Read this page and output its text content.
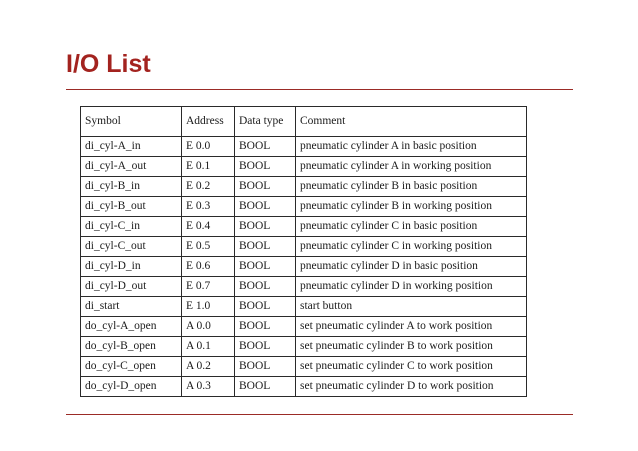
I/O List
Symbol	Address	Data type	Comment
di_cyl-A_in	E 0.0	BOOL	pneumatic cylinder A in basic position
di_cyl-A_out	E 0.1	BOOL	pneumatic cylinder A in working position
di_cyl-B_in	E 0.2	BOOL	pneumatic cylinder B in basic position
di_cyl-B_out	E 0.3	BOOL	pneumatic cylinder B in working position
di_cyl-C_in	E 0.4	BOOL	pneumatic cylinder C in basic position
di_cyl-C_out	E 0.5	BOOL	pneumatic cylinder C in working position
di_cyl-D_in	E 0.6	BOOL	pneumatic cylinder D in basic position
di_cyl-D_out	E 0.7	BOOL	pneumatic cylinder D in working position
di_start	E 1.0	BOOL	start button
do_cyl-A_open	A 0.0	BOOL	set pneumatic cylinder A to work position
do_cyl-B_open	A 0.1	BOOL	set pneumatic cylinder B to work position
do_cyl-C_open	A 0.2	BOOL	set pneumatic cylinder C to work position
do_cyl-D_open	A 0.3	BOOL	set pneumatic cylinder D to work position
